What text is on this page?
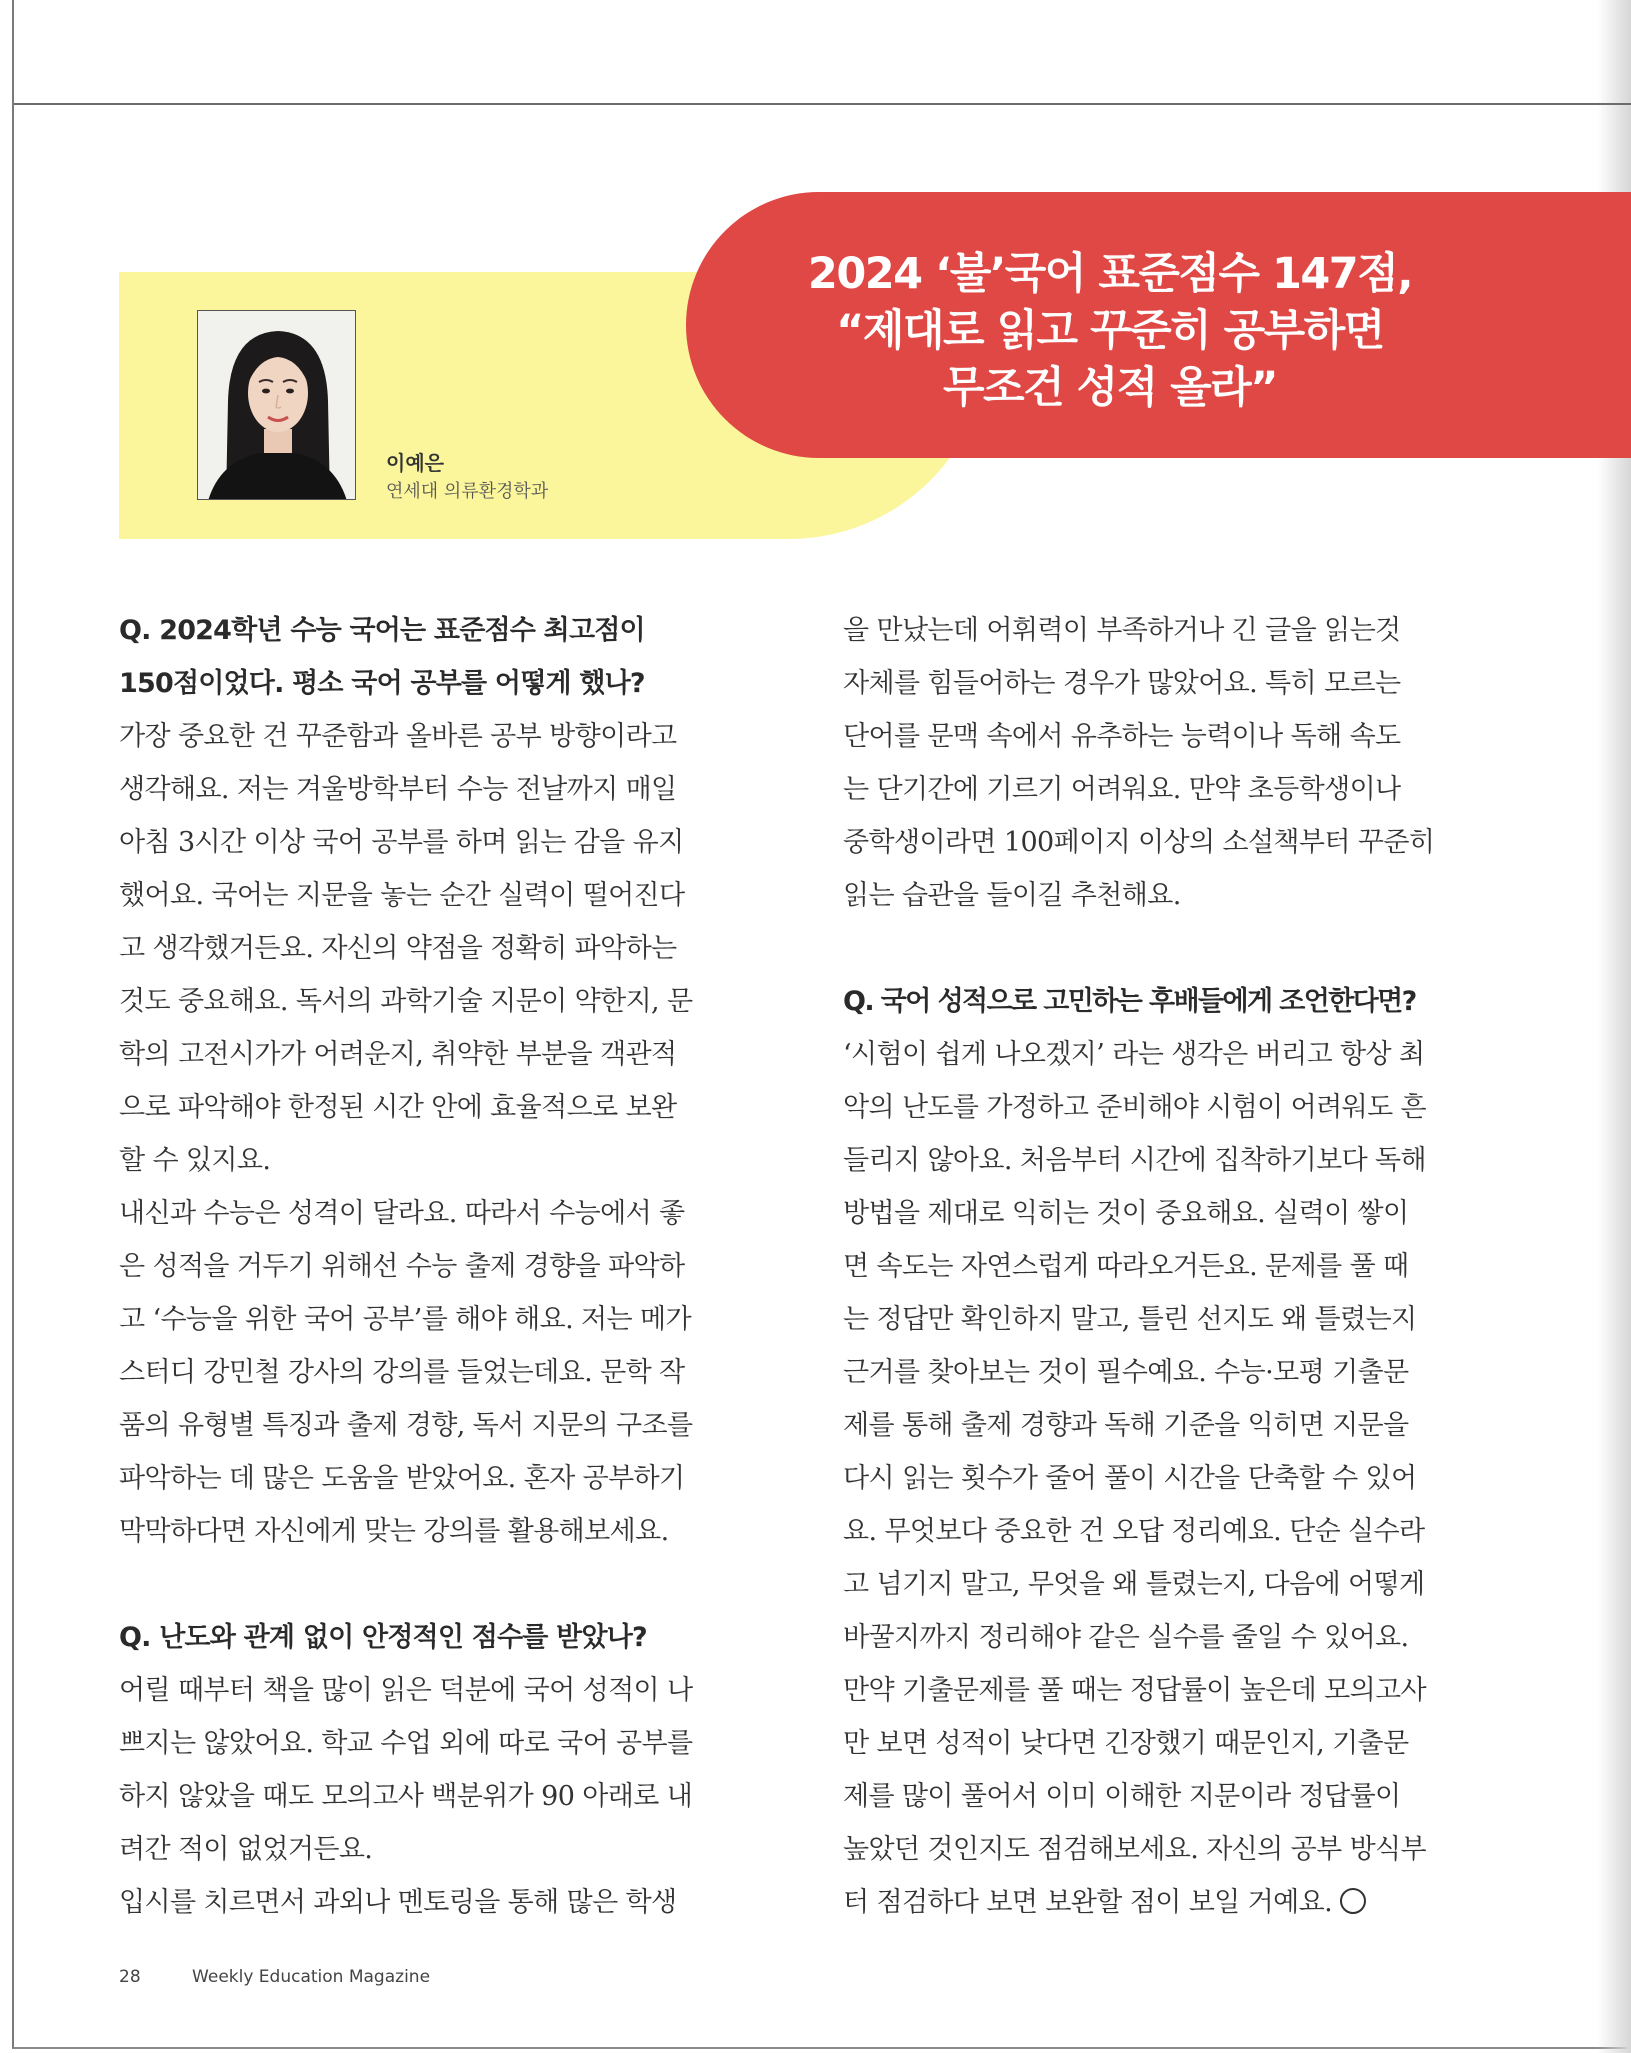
2024 ‘불’국어 표준점수 147점,
“제대로 읽고 꾸준히 공부하면
무조건 성적 올라”
이예은
연세대 의류환경학과
Q. 2024학년 수능 국어는 표준점수 최고점이
150점이었다. 평소 국어 공부를 어떻게 했나?
가장 중요한 건 꾸준함과 올바른 공부 방향이라고
생각해요. 저는 겨울방학부터 수능 전날까지 매일
아침 3시간 이상 국어 공부를 하며 읽는 감을 유지
했어요. 국어는 지문을 놓는 순간 실력이 떨어진다
고 생각했거든요. 자신의 약점을 정확히 파악하는
것도 중요해요. 독서의 과학기술 지문이 약한지, 문
학의 고전시가가 어려운지, 취약한 부분을 객관적
으로 파악해야 한정된 시간 안에 효율적으로 보완
할 수 있지요.
내신과 수능은 성격이 달라요. 따라서 수능에서 좋
은 성적을 거두기 위해선 수능 출제 경향을 파악하
고 ‘수능을 위한 국어 공부’를 해야 해요. 저는 메가
스터디 강민철 강사의 강의를 들었는데요. 문학 작
품의 유형별 특징과 출제 경향, 독서 지문의 구조를
파악하는 데 많은 도움을 받았어요. 혼자 공부하기
막막하다면 자신에게 맞는 강의를 활용해보세요.
Q. 난도와 관계 없이 안정적인 점수를 받았나?
어릴 때부터 책을 많이 읽은 덕분에 국어 성적이 나
쁘지는 않았어요. 학교 수업 외에 따로 국어 공부를
하지 않았을 때도 모의고사 백분위가 90 아래로 내
려간 적이 없었거든요.
입시를 치르면서 과외나 멘토링을 통해 많은 학생
을 만났는데 어휘력이 부족하거나 긴 글을 읽는것
자체를 힘들어하는 경우가 많았어요. 특히 모르는
단어를 문맥 속에서 유추하는 능력이나 독해 속도
는 단기간에 기르기 어려워요. 만약 초등학생이나
중학생이라면 100페이지 이상의 소설책부터 꾸준히
읽는 습관을 들이길 추천해요.
Q. 국어 성적으로 고민하는 후배들에게 조언한다면?
‘시험이 쉽게 나오겠지’ 라는 생각은 버리고 항상 최
악의 난도를 가정하고 준비해야 시험이 어려워도 흔
들리지 않아요. 처음부터 시간에 집착하기보다 독해
방법을 제대로 익히는 것이 중요해요. 실력이 쌓이
면 속도는 자연스럽게 따라오거든요. 문제를 풀 때
는 정답만 확인하지 말고, 틀린 선지도 왜 틀렸는지
근거를 찾아보는 것이 필수예요. 수능·모평 기출문
제를 통해 출제 경향과 독해 기준을 익히면 지문을
다시 읽는 횟수가 줄어 풀이 시간을 단축할 수 있어
요. 무엇보다 중요한 건 오답 정리예요. 단순 실수라
고 넘기지 말고, 무엇을 왜 틀렸는지, 다음에 어떻게
바꿀지까지 정리해야 같은 실수를 줄일 수 있어요.
만약 기출문제를 풀 때는 정답률이 높은데 모의고사
만 보면 성적이 낮다면 긴장했기 때문인지, 기출문
제를 많이 풀어서 이미 이해한 지문이라 정답률이
높았던 것인지도 점검해보세요. 자신의 공부 방식부
터 점검하다 보면 보완할 점이 보일 거예요.
28	Weekly Education Magazine
